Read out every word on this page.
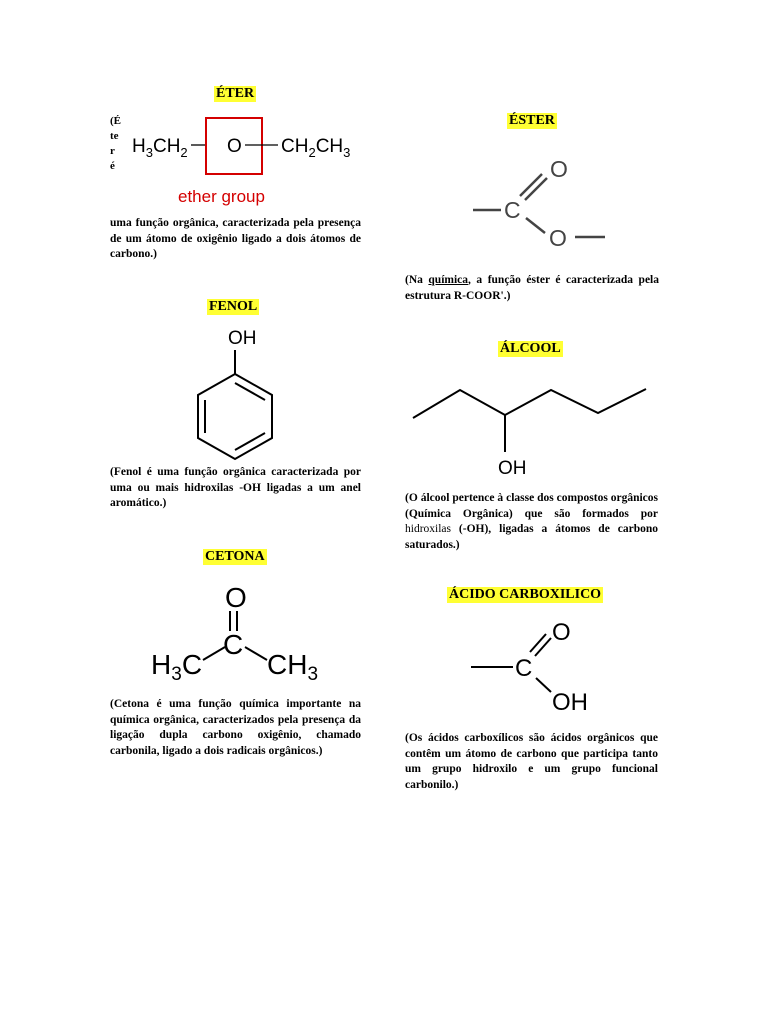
ÉTER
(É
te
r
é
$H_3CH_2$ O $CH_2CH_3$
ether group
uma função orgânica, caracterizada pela presença de um átomo de oxigênio ligado a dois átomos de carbono.)
ÉSTER
C
O
O
(Na química, a função éster é caracterizada pela estrutura R-COOR'.)
FENOL
OH
(Fenol é uma função orgânica caracterizada por uma ou mais hidroxilas -OH ligadas a um anel aromático.)
ÁLCOOL
OH
(O álcool pertence à classe dos compostos orgânicos (Química Orgânica) que são formados por hidroxilas (-OH), ligadas a átomos de carbono saturados.)
CETONA
O
C
$H_3C$ $CH_3$
(Cetona é uma função química importante na química orgânica, caracterizados pela presença da ligação dupla carbono oxigênio, chamado carbonila, ligado a dois radicais orgânicos.)
ÁCIDO CARBOXILICO
C
O
OH
(Os ácidos carboxílicos são ácidos orgânicos que contêm um átomo de carbono que participa tanto um grupo hidroxilo e um grupo funcional carbonilo.)
